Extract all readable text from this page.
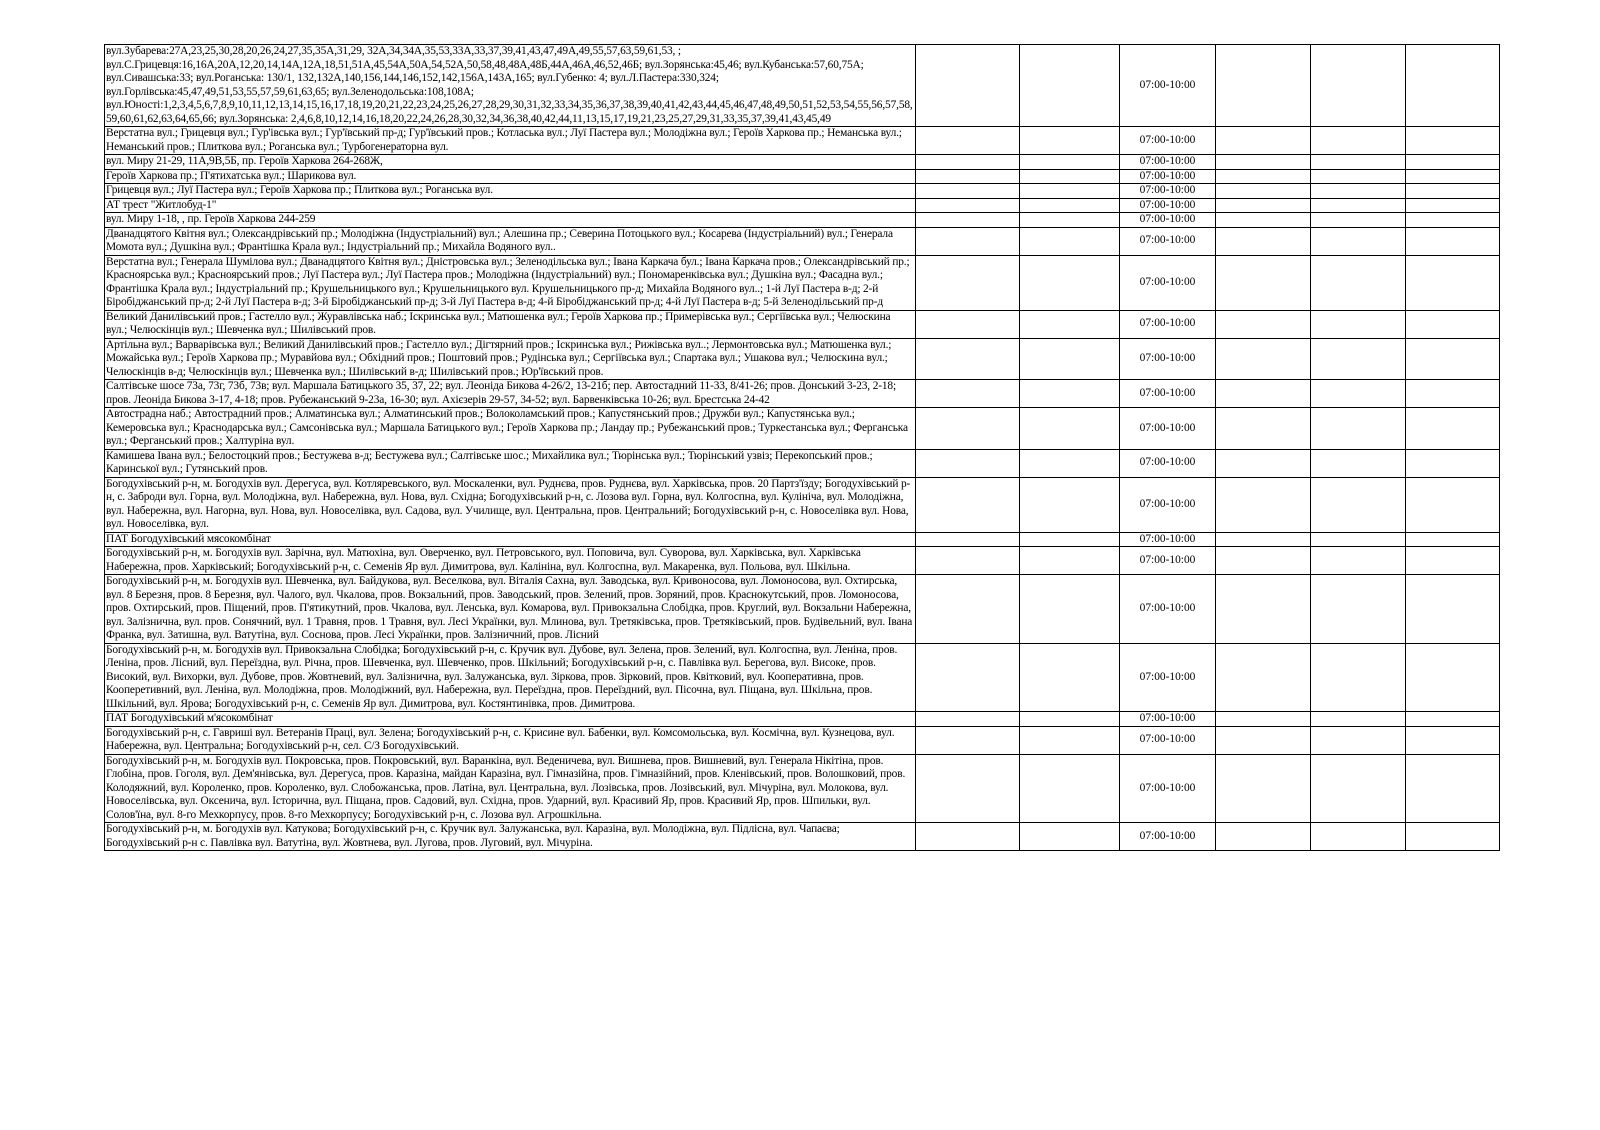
вул.Зубарева:27А,23,25,30,28,20,26,24,27,35,35А,31,29, 32А,34,34А,35,53,33А,33,37,39,41,43,47,49А,49,55,57,63,59,61,53, ; вул.С.Грицевця:16,16А,20А,12,20,14,14А,12А,18,51,51А,45,54А,50А,54,52А,50,58,48,48А,48Б,44А,46А,46,52,46Б; вул.Зорянська:45,46; вул.Кубанська:57,60,75А; вул.Сивашська:33; вул.Роганська: 130/1, 132,132А,140,156,144,146,152,142,156А,143А,165; вул.Губенко: 4; вул.Л.Пастера:330,324; вул.Горлівська:45,47,49,51,53,55,57,59,61,63,65; вул.Зеленодольська:108,108А; вул.Юності:1,2,3,4,5,6,7,8,9,10,11,12,13,14,15,16,17,18,19,20,21,22,23,24,25,26,27,28,29,30,31,32,33,34,35,36,37,38,39,40,41,42,43,44,45,46,47,48,49,50,51,52,53,54,55,56,57,58,59,60,61,62,63,64,65,66; вул.Зорянська: 2,4,6,8,10,12,14,16,18,20,22,24,26,28,30,32,34,36,38,40,42,44,11,13,15,17,19,21,23,25,27,29,31,33,35,37,39,41,43,45,49			07:00-10:00			
Верстатна вул.; Грицевця вул.; Гур'івська вул.; Гур'ївський пр-д; Гур'ївський пров.; Котласька вул.; Луї Пастера вул.; Молодіжна вул.; Героїв Харкова пр.; Неманська вул.; Неманський пров.; Плиткова вул.; Роганська вул.; Турбогенераторна вул.			07:00-10:00			
вул. Миру 21-29, 11А,9В,5Б, пр. Героїв Харкова 264-268Ж,			07:00-10:00			
Героїв Харкова пр.; П'ятихатська вул.; Шарикова вул.			07:00-10:00			
Грицевця вул.; Луї Пастера вул.; Героїв Харкова пр.; Плиткова вул.; Роганська вул.			07:00-10:00			
АТ трест "Житлобуд-1"			07:00-10:00			
вул. Миру 1-18, , пр. Героїв Харкова 244-259			07:00-10:00			
Дванадцятого Квітня вул.; Олександрівський пр.; Молодіжна (Індустріальний) вул.; Алешина пр.; Северина Потоцького вул.; Косарева (Індустріальний) вул.; Генерала Момота вул.; Душкіна вул.; Франтішка Крала вул.; Індустріальний пр.; Михайла Водяного вул..			07:00-10:00			
Верстатна вул.; Генерала Шумілова вул.; Дванадцятого Квітня вул.; Дністровська вул.; Зеленодільська вул.; Івана Каркача бул.; Івана Каркача пров.; Олександрівський пр.; Красноярська вул.; Красноярський пров.; Луї Пастера вул.; Луї Пастера пров.; Молодіжна (Індустріальний) вул.; Пономаренківська вул.; Душкіна вул.; Фасадна вул.; Франтішка Крала вул.; Індустріальний пр.; Крушельницького вул.; Крушельницького вул. Крушельницького пр-д; Михайла Водяного вул..; 1-й Луї Пастера в-д; 2-й Біробіджанський пр-д; 2-й Луї Пастера в-д; 3-й Біробіджанський пр-д; 3-й Луї Пастера в-д; 4-й Біробіджанський пр-д; 4-й Луї Пастера в-д; 5-й Зеленодільський пр-д			07:00-10:00			
Великий Данилівський пров.; Гастелло вул.; Журавлівська наб.; Іскринська вул.; Матюшенка вул.; Героїв Харкова пр.; Примерівська вул.; Сергіївська вул.; Челюскина вул.; Челюскінців вул.; Шевченка вул.; Шилівський пров.			07:00-10:00			
Артільна вул.; Варварівська вул.; Великий Данилівський пров.; Гастелло вул.; Дігтярний пров.; Іскринська вул.; Рижівська вул..; Лермонтовська вул.; Матюшенка вул.; Можайська вул.; Героїв Харкова пр.; Муравйова вул.; Обхідний пров.; Поштовий пров.; Рудінська вул.; Сергіївська вул.; Спартака вул.; Ушакова вул.; Челюскина вул.; Челюскінців в-д; Челюскінців вул.; Шевченка вул.; Шилівський в-д; Шилівський пров.; Юр'ївський пров.			07:00-10:00			
Салтівське шосе 73а, 73г, 73б, 73в; вул. Маршала Батицького 35, 37, 22; вул. Леоніда Бикова 4-26/2, 13-21б; пер. Автостадний 11-33, 8/41-26; пров. Донський 3-23, 2-18; пров. Леоніда Бикова 3-17, 4-18; пров. Рубежанський 9-23а, 16-30; вул. Ахієзерів 29-57, 34-52; вул. Барвенківська 10-26; вул. Брестська 24-42			07:00-10:00			
Автострадна наб.; Автострадний пров.; Алматинська вул.; Алматинський пров.; Волоколамський пров.; Капустянський пров.; Дружби вул.; Капустянська вул.; Кемеровська вул.; Краснодарська вул.; Самсонівська вул.; Маршала Батицького вул.; Героїв Харкова пр.; Ландау пр.; Рубежанський пров.; Туркестанська вул.; Ферганська вул.; Ферганський пров.; Халтуріна вул.			07:00-10:00			
Камишева Івана вул.; Белостоцкий пров.; Бестужева в-д; Бестужева вул.; Салтівське шос.; Михайлика вул.; Тюрінська вул.; Тюрінський узвіз; Перекопський пров.; Каринської вул.; Гутянський пров.			07:00-10:00			
Богодухівський р-н, м. Богодухів вул. Дерегуса, вул. Котляревського, вул. Москаленки, вул. Руднєва, пров. Руднєва, вул. Харківська, пров. 20 Партз'їзду; Богодухівський р-н, с. Заброди вул. Горна, вул. Молодіжна, вул. Набережна, вул. Нова, вул. Східна; Богодухівський р-н, с. Лозова вул. Горна, вул. Колгоспна, вул. Кулініча, вул. Молодіжна, вул. Набережна, вул. Нагорна, вул. Нова, вул. Новоселівка, вул. Садова, вул. Училище, вул. Центральна, пров. Центральний; Богодухівський р-н, с. Новоселівка вул. Нова, вул. Новоселівка, вул.			07:00-10:00			
ПАТ Богодухівський мясокомбінат			07:00-10:00			
Богодухівський р-н, м. Богодухів вул. Зарічна, вул. Матюхіна, вул. Оверченко, вул. Петровського, вул. Поповича, вул. Суворова, вул. Харківська, вул. Харківська Набережна, пров. Харківський; Богодухівський р-н, с. Семенів Яр вул. Димитрова, вул. Калініна, вул. Колгоспна, вул. Макаренка, вул. Польова, вул. Шкільна.			07:00-10:00			
Богодухівський р-н, м. Богодухів вул. Шевченка, вул. Байдукова, вул. Веселкова, вул. Віталія Сахна, вул. Заводська, вул. Кривоносова, вул. Ломоносова, вул. Охтирська, вул. 8 Березня, пров. 8 Березня, вул. Чалого, вул. Чкалова, пров. Вокзальний, пров. Заводський, пров. Зелений, пров. Зоряний, пров. Краснокутський, пров. Ломоносова, пров. Охтирський, пров. Піщений, пров. П'ятикутний, пров. Чкалова, вул. Ленська, вул. Комарова, вул. Привокзальна Слобідка, пров. Круглий, вул. Вокзальни Набережна, вул. Залізнична, вул. пров. Сонячний, вул. 1 Травня, пров. 1 Травня, вул. Лесі Українки, вул. Млинова, вул. Третяківська, пров. Третяківський, пров. Будівельний, вул. Івана Франка, вул. Затишна, вул. Ватутіна, вул. Соснова, пров. Лесі Українки, пров. Залізничний, пров. Лісний			07:00-10:00			
Богодухівський р-н, м. Богодухів вул. Привокзальна Слобідка; Богодухівський р-н, с. Кручик вул. Дубове, вул. Зелена, пров. Зелений, вул. Колгоспна, вул. Леніна, пров. Леніна, пров. Лісний, вул. Переїздна, вул. Річна, пров. Шевченка, вул. Шевченко, пров. Шкільний; Богодухівський р-н, с. Павлівка вул. Берегова, вул. Високе, пров. Високий, вул. Вихорки, вул. Дубове, пров. Жовтневий, вул. Залізнична, вул. Залужанська, вул. Зіркова, пров. Зірковий, пров. Квітковий, вул. Кооперативна, пров. Кооперетивний, вул. Леніна, вул. Молодіжна, пров. Молодіжний, вул. Набережна, вул. Переїздна, пров. Переїздний, вул. Пісочна, вул. Піщана, вул. Шкільна, пров. Шкільний, вул. Ярова; Богодухівський р-н, с. Семенів Яр вул. Димитрова, вул. Костянтинівка, пров. Димитрова.			07:00-10:00			
ПАТ Богодухівський м'ясокомбінат			07:00-10:00			
Богодухівський р-н, с. Гавриші вул. Ветеранів Праці, вул. Зелена; Богодухівський р-н, с. Крисине вул. Бабенки, вул. Комсомольська, вул. Космічна, вул. Кузнецова, вул. Набережна, вул. Центральна; Богодухівський р-н, сел. С/З Богодухівський.			07:00-10:00			
Богодухівський р-н, м. Богодухів вул. Покровська, пров. Покровський, вул. Варанкіна, вул. Веденичева, вул. Вишнева, пров. Вишневий, вул. Генерала Нікітіна, пров. Глобіна, пров. Гоголя, вул. Дем'янівська, вул. Дерегуса, пров. Каразіна, майдан Каразіна, вул. Гімназійна, пров. Гімназійний, пров. Кленівський, пров. Волошковий, пров. Колодяжний, вул. Короленко, пров. Короленко, вул. Слобожанська, пров. Латіна, вул. Центральна, вул. Лозівська, пров. Лозівський, вул. Мічуріна, вул. Молокова, вул. Новоселівська, вул. Оксенича, вул. Історична, вул. Піщана, пров. Садовий, вул. Східна, пров. Ударний, вул. Красивий Яр, пров. Красивий Яр, пров. Шпильки, вул. Солов'їна, вул. 8-го Мехкорпусу, пров. 8-го Мехкорпусу; Богодухівський р-н, с. Лозова вул. Агрошкільна.			07:00-10:00			
Богодухівський р-н, м. Богодухів вул. Катукова; Богодухівський р-н, с. Кручик вул. Залужанська, вул. Каразіна, вул. Молодіжна, вул. Підлісна, вул. Чапаєва; Богодухівський р-н с. Павлівка вул. Ватутіна, вул. Жовтнева, вул. Лугова, пров. Луговий, вул. Мічуріна.			07:00-10:00			
